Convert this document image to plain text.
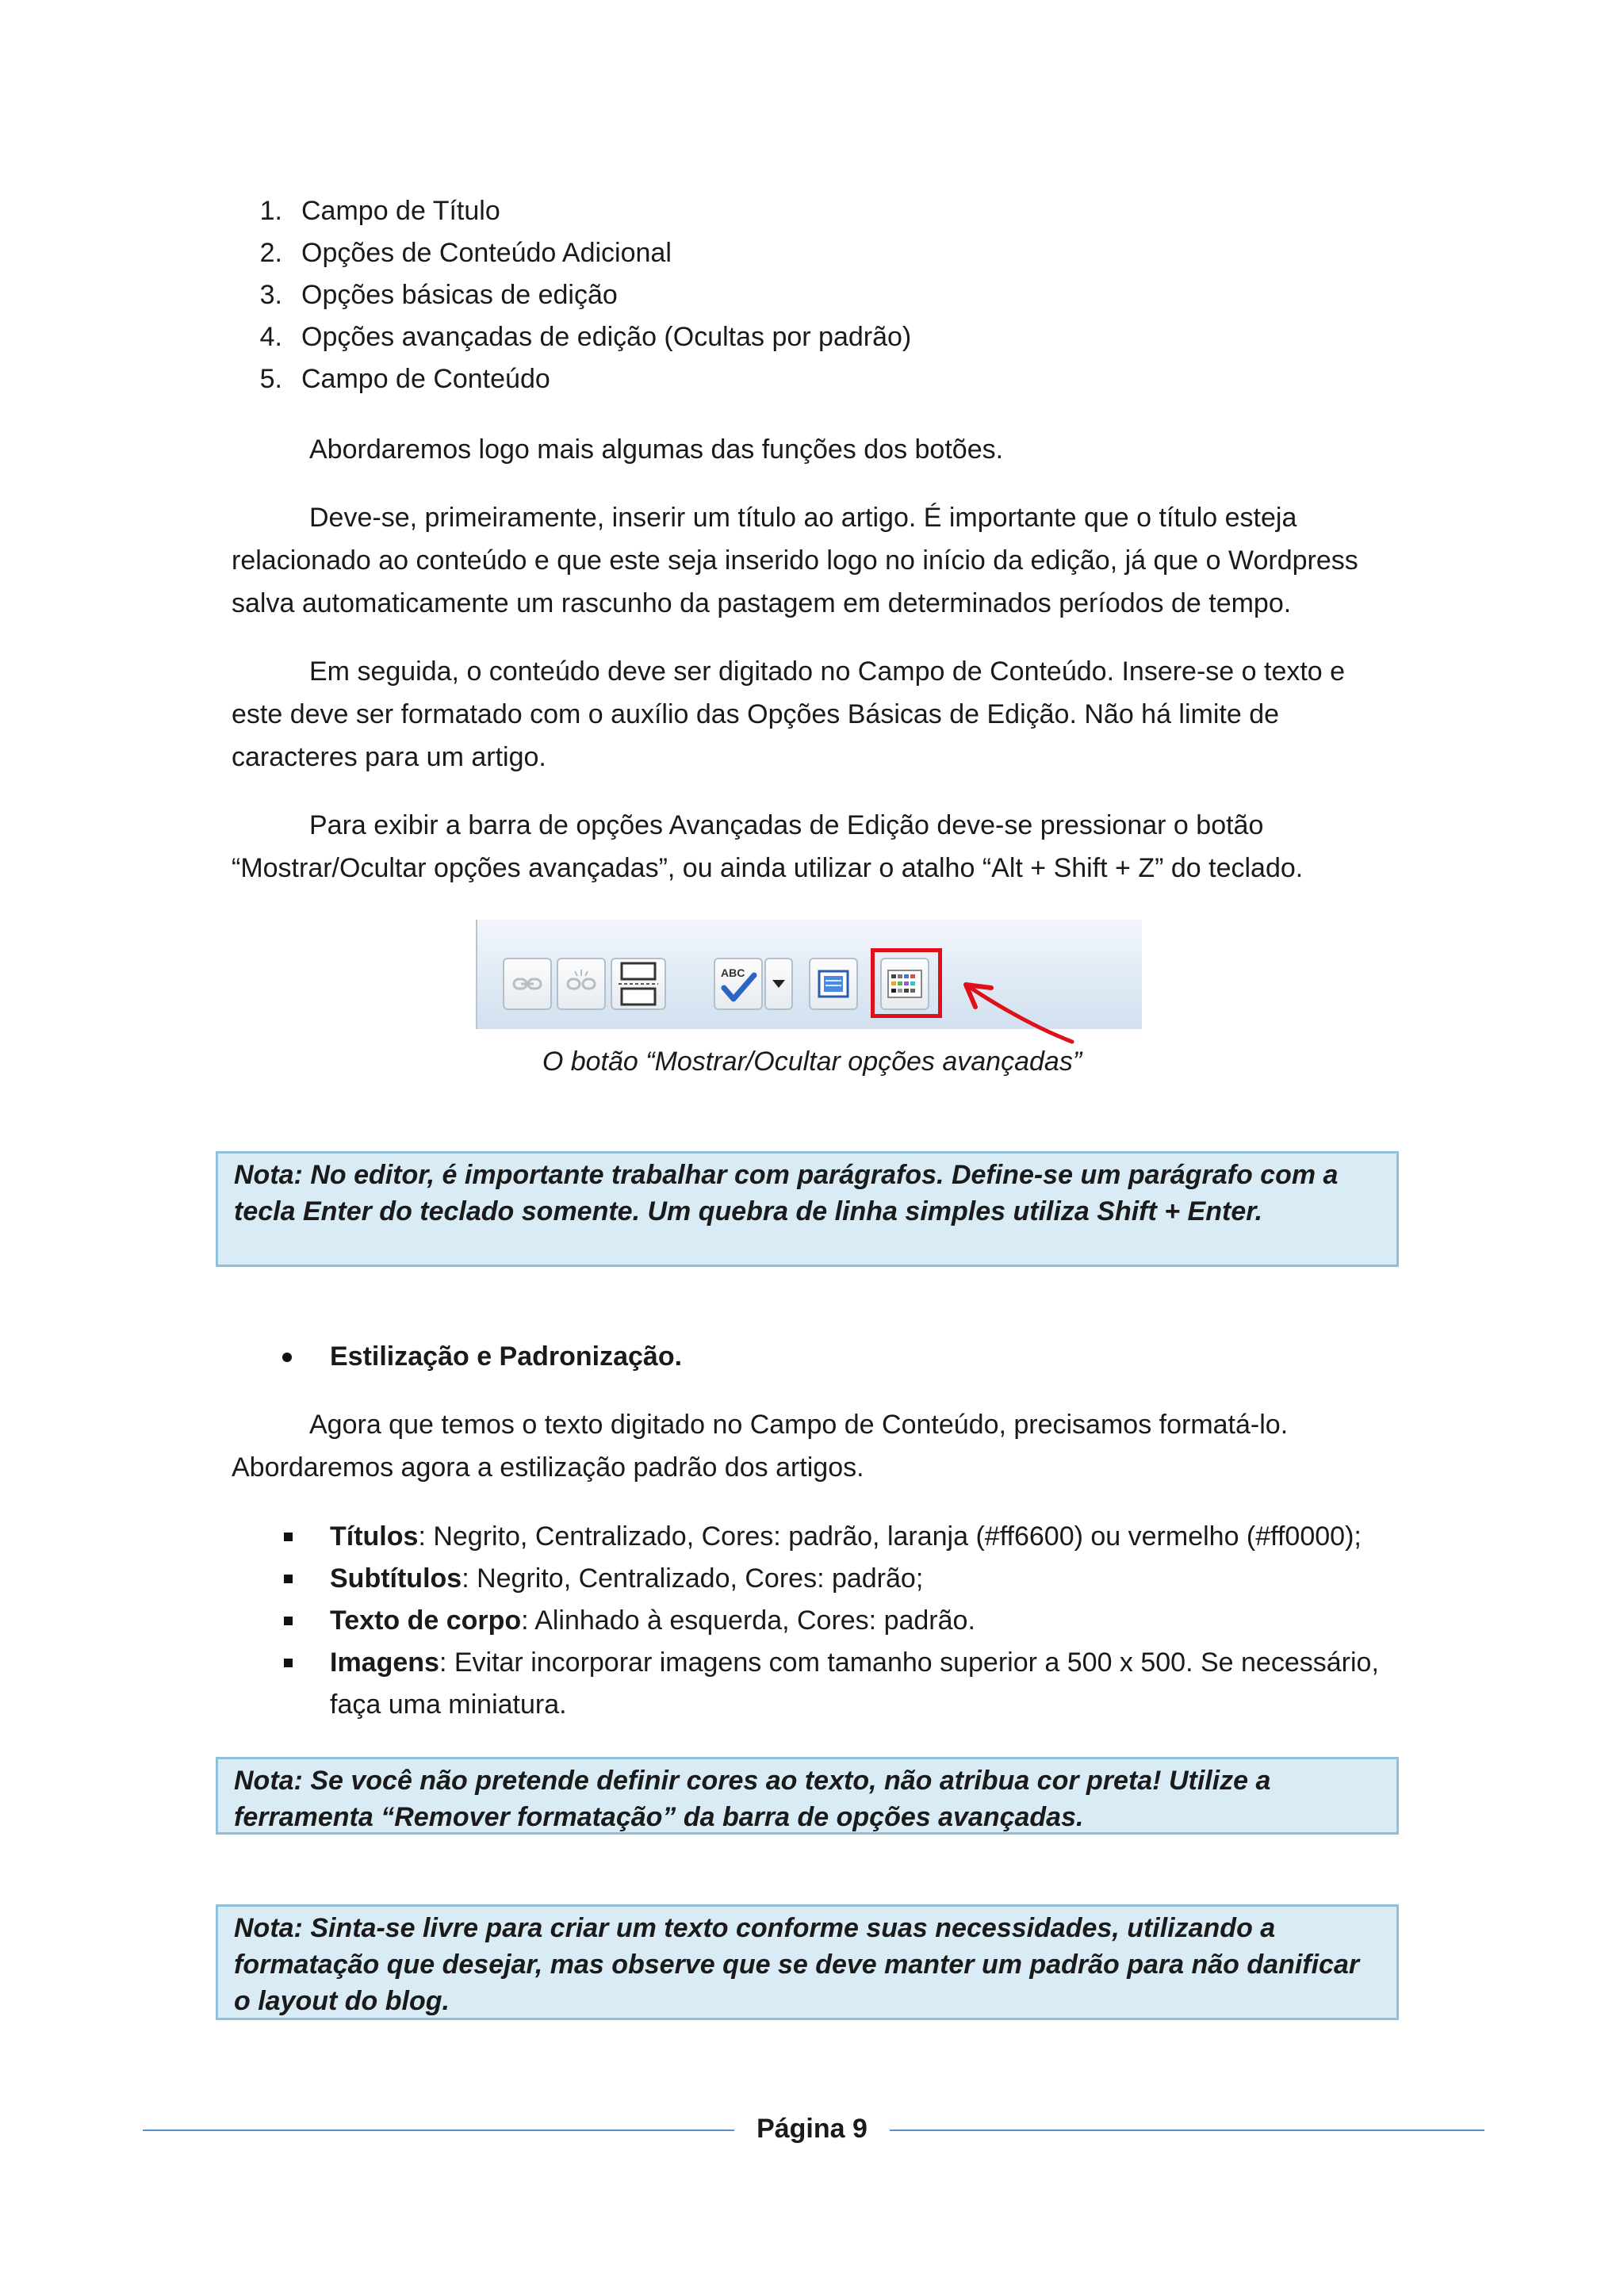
1. Campo de Título
2. Opções de Conteúdo Adicional
3. Opções básicas de edição
4. Opções avançadas de edição (Ocultas por padrão)
5. Campo de Conteúdo

Abordaremos logo mais algumas das funções dos botões.

Deve-se, primeiramente, inserir um título ao artigo. É importante que o título esteja relacionado ao conteúdo e que este seja inserido logo no início da edição, já que o Wordpress salva automaticamente um rascunho da pastagem em determinados períodos de tempo.

Em seguida, o conteúdo deve ser digitado no Campo de Conteúdo. Insere-se o texto e este deve ser formatado com o auxílio das Opções Básicas de Edição. Não há limite de caracteres para um artigo.

Para exibir a barra de opções Avançadas de Edição deve-se pressionar o botão “Mostrar/Ocultar opções avançadas”, ou ainda utilizar o atalho “Alt + Shift + Z” do teclado.

ABC
O botão “Mostrar/Ocultar opções avançadas”
Nota: No editor, é importante trabalhar com parágrafos. Define-se um parágrafo com a tecla Enter do teclado somente. Um quebra de linha simples utiliza Shift + Enter.
Estilização e Padronização.

Agora que temos o texto digitado no Campo de Conteúdo, precisamos formatá-lo. Abordaremos agora a estilização padrão dos artigos.

Títulos: Negrito, Centralizado, Cores: padrão, laranja (#ff6600) ou vermelho (#ff0000);
Subtítulos: Negrito, Centralizado, Cores: padrão;
Texto de corpo: Alinhado à esquerda, Cores: padrão.
Imagens: Evitar incorporar imagens com tamanho superior a 500 x 500. Se necessário, faça uma miniatura.
Nota: Se você não pretende definir cores ao texto, não atribua cor preta! Utilize a ferramenta “Remover formatação” da barra de opções avançadas.
Nota: Sinta-se livre para criar um texto conforme suas necessidades, utilizando a formatação que desejar, mas observe que se deve manter um padrão para não danificar o layout do blog.
Página 9
